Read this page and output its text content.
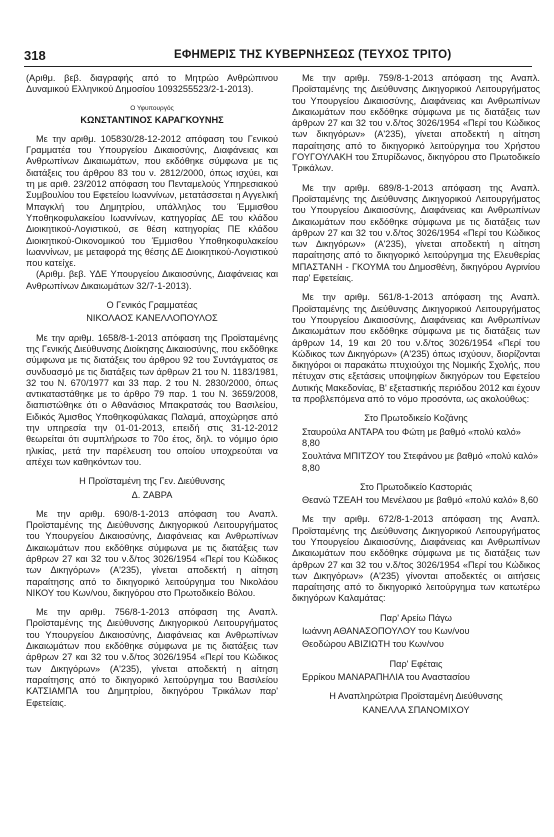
318	ΕΦΗΜΕΡΙΣ ΤΗΣ ΚΥΒΕΡΝΗΣΕΩΣ (ΤΕΥΧΟΣ ΤΡΙΤΟ)

(Αριθμ. βεβ. διαγραφής από το Μητρώο Ανθρώπινου Δυναμικού Ελληνικού Δημοσίου 1093255523/2-1-2013).

Ο Υφυπουργός

ΚΩΝΣΤΑΝΤΙΝΟΣ ΚΑΡΑΓΚΟΥΝΗΣ

Με την αριθμ. 105830/28-12-2012 απόφαση του Γενικού Γραμματέα του Υπουργείου Δικαιοσύνης, Διαφάνειας και Ανθρωπίνων Δικαιωμάτων, που εκδόθηκε σύμφωνα με τις διατάξεις του άρθρου 83 του ν. 2812/2000, όπως ισχύει, και τη με αριθ. 23/2012 απόφαση του Πενταμελούς Υπηρεσιακού Συμβουλίου του Εφετείου Ιωαννίνων, μετατάσσεται η Αγγελική Μπαγκλή του Δημητρίου, υπάλληλος του Έμμισθου Υποθηκοφυλακείου Ιωαννίνων, κατηγορίας ΔΕ του κλάδου Διοικητικού-Λογιστικού, σε θέση κατηγορίας ΠΕ κλάδου Διοικητικού-Οικονομικού του Έμμισθου Υποθηκοφυλακείου Ιωαννίνων, με μεταφορά της θέσης ΔΕ Διοικητικού-Λογιστικού που κατείχε.

(Αριθμ. βεβ. ΥΔΕ Υπουργείου Δικαιοσύνης, Διαφάνειας και Ανθρωπίνων Δικαιωμάτων 32/7-1-2013).

Ο Γενικός Γραμματέας

ΝΙΚΟΛΑΟΣ ΚΑΝΕΛΛΟΠΟΥΛΟΣ

Με την αριθμ. 1658/8-1-2013 απόφαση της Προϊσταμένης της Γενικής Διεύθυνσης Διοίκησης Δικαιοσύνης, που εκδόθηκε σύμφωνα με τις διατάξεις του άρθρου 92 του Συντάγματος σε συνδυασμό με τις διατάξεις των άρθρων 21 του Ν. 1183/1981, 32 του Ν. 670/1977 και 33 παρ. 2 του Ν. 2830/2000, όπως αντικαταστάθηκε με το άρθρο 79 παρ. 1 του Ν. 3659/2008, διαπιστώθηκε ότι ο Αθανάσιος Μπακρατσάς του Βασιλείου, Ειδικός Άμισθος Υποθηκοφύλακας Παλαμά, αποχώρησε από την υπηρεσία την 01-01-2013, επειδή στις 31-12-2012 θεωρείται ότι συμπλήρωσε το 70ο έτος, δηλ. το νόμιμο όριο ηλικίας, μετά την παρέλευση του οποίου υποχρεούται να απέχει των καθηκόντων του.

Η Προϊσταμένη της Γεν. Διεύθυνσης

Δ. ΖΑΒΡΑ

Με την αριθμ. 690/8-1-2013 απόφαση του Αναπλ. Προϊσταμένης της Διεύθυνσης Δικηγορικού Λειτουργήματος του Υπουργείου Δικαιοσύνης, Διαφάνειας και Ανθρωπίνων Δικαιωμάτων που εκδόθηκε σύμφωνα με τις διατάξεις των άρθρων 27 και 32 του ν.δ/τος 3026/1954 «Περί του Κώδικος των Δικηγόρων» (Α'235), γίνεται αποδεκτή η αίτηση παραίτησης από το δικηγορικό λειτούργημα του Νικολάου ΝΙΚΟΥ του Κων/νου, δικηγόρου στο Πρωτοδικείο Βόλου.

Με την αριθμ. 756/8-1-2013 απόφαση της Αναπλ. Προϊσταμένης της Διεύθυνσης Δικηγορικού Λειτουργήματος του Υπουργείου Δικαιοσύνης, Διαφάνειας και Ανθρωπίνων Δικαιωμάτων που εκδόθηκε σύμφωνα με τις διατάξεις των άρθρων 27 και 32 του ν.δ/τος 3026/1954 «Περί του Κώδικος των Δικηγόρων» (Α'235), γίνεται αποδεκτή η αίτηση παραίτησης από το δικηγορικό λειτούργημα του Βασιλείου ΚΑΤΣΙΑΜΠΑ του Δημητρίου, δικηγόρου Τρικάλων παρ' Εφετείαις.

Με την αριθμ. 759/8-1-2013 απόφαση της Αναπλ. Προϊσταμένης της Διεύθυνσης Δικηγορικού Λειτουργήματος του Υπουργείου Δικαιοσύνης, Διαφάνειας και Ανθρωπίνων Δικαιωμάτων που εκδόθηκε σύμφωνα με τις διατάξεις των άρθρων 27 και 32 του ν.δ/τος 3026/1954 «Περί του Κώδικος των δικηγόρων» (Α'235), γίνεται αποδεκτή η αίτηση παραίτησης από το δικηγορικό λειτούργημα του Χρήστου ΓΟΥΓΟΥΛΑΚΗ του Σπυρίδωνος, δικηγόρου στο Πρωτοδικείο Τρικάλων.

Με την αριθμ. 689/8-1-2013 απόφαση της Αναπλ. Προϊσταμένης της Διεύθυνσης Δικηγορικού Λειτουργήματος του Υπουργείου Δικαιοσύνης, Διαφάνειας και Ανθρωπίνων Δικαιωμάτων που εκδόθηκε σύμφωνα με τις διατάξεις των άρθρων 27 και 32 του ν.δ/τος 3026/1954 «Περί του Κώδικος των Δικηγόρων» (Α'235), γίνεται αποδεκτή η αίτηση παραίτησης από το δικηγορικό λειτούργημα της Ελευθερίας ΜΠΑΣΤΑΝΗ - ΓΚΟΥΜΑ του Δημοσθένη, δικηγόρου Αγρινίου παρ' Εφετείαις.

Με την αριθμ. 561/8-1-2013 απόφαση της Αναπλ. Προϊσταμένης της Διεύθυνσης Δικηγορικού Λειτουργήματος του Υπουργείου Δικαιοσύνης, Διαφάνειας και Ανθρωπίνων Δικαιωμάτων που εκδόθηκε σύμφωνα με τις διατάξεις των άρθρων 14, 19 και 20 του ν.δ/τος 3026/1954 «Περί του Κώδικος των Δικηγόρων» (Α'235) όπως ισχύουν, διορίζονται δικηγόροι οι παρακάτω πτυχιούχοι της Νομικής Σχολής, που πέτυχαν στις εξετάσεις υποψηφίων δικηγόρων του Εφετείου Δυτικής Μακεδονίας, Β' εξεταστικής περιόδου 2012 και έχουν τα προβλεπόμενα από το νόμο προσόντα, ως ακολούθως:

Στο Πρωτοδικείο Κοζάνης

Σταυρούλα ΑΝΤΑΡΑ του Φώτη με βαθμό «πολύ καλό» 8,80

Σουλτάνα ΜΠΙΤΖΟΥ του Στεφάνου με βαθμό «πολύ καλό» 8,80

Στο Πρωτοδικείο Καστοριάς

Θεανώ ΤΖΕΑΗ του Μενέλαου με βαθμό «πολύ καλό» 8,60

Με την αριθμ. 672/8-1-2013 απόφαση της Αναπλ. Προϊσταμένης της Διεύθυνσης Δικηγορικού Λειτουργήματος του Υπουργείου Δικαιοσύνης, Διαφάνειας και Ανθρωπίνων Δικαιωμάτων που εκδόθηκε σύμφωνα με τις διατάξεις των άρθρων 27 και 32 του ν.δ/τος 3026/1954 «Περί του Κώδικος των Δικηγόρων» (Α'235) γίνονται αποδεκτές οι αιτήσεις παραίτησης από το δικηγορικό λειτούργημα των κατωτέρω δικηγόρων Καλαμάτας:

Παρ' Αρείω Πάγω

Ιωάννη ΑΘΑΝΑΣΟΠΟΥΛΟΥ του Κων/νου

Θεοδώρου ΑΒΙΖΙΩΤΗ του Κων/νου

Παρ' Εφέταις

Ερρίκου ΜΑΝΑΡΑΠΗΛΙΑ του Αναστασίου

Η Αναπληρώτρια Προϊσταμένη Διεύθυνσης

ΚΑΝΕΛΛΑ ΣΠΑΝΟΜΙΧΟΥ
